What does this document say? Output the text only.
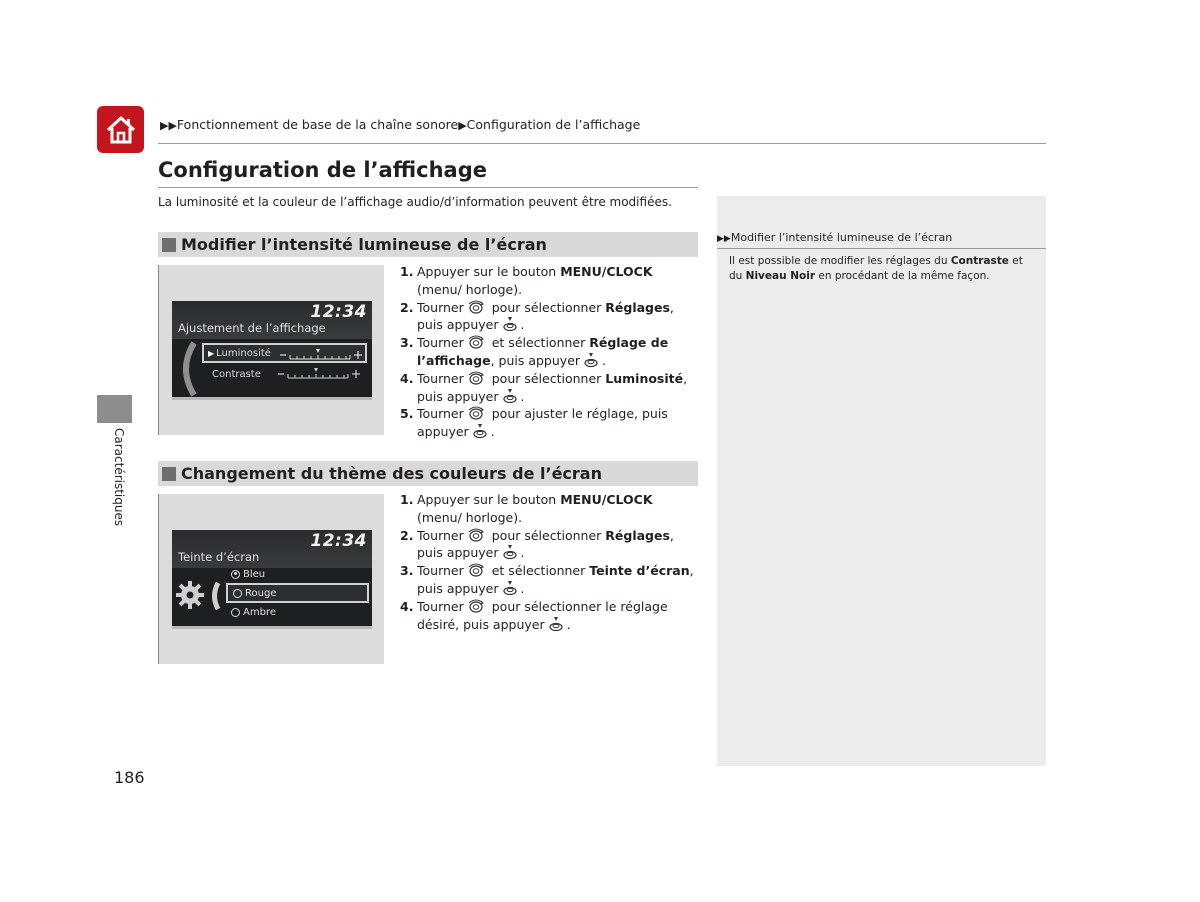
▶▶Fonctionnement de base de la chaîne sonore▶Configuration de l’affichage
Configuration de l’affichage
La luminosité et la couleur de l’affichage audio/d’information peuvent être modifiées.
Caractéristiques
186
Modifier l’intensité lumineuse de l’écran
12:34
Ajustement de l’affichage
▶ Luminosité
Contraste
1. Appuyer sur le bouton MENU/CLOCK (menu/ horloge).
2. Tourner pour sélectionner Réglages, puis appuyer .
3. Tourner et sélectionner Réglage de l’affichage, puis appuyer .
4. Tourner pour sélectionner Luminosité, puis appuyer .
5. Tourner pour ajuster le réglage, puis appuyer .
Changement du thème des couleurs de l’écran
12:34
Teinte d’écran
Bleu
Rouge
Ambre
1. Appuyer sur le bouton MENU/CLOCK (menu/ horloge).
2. Tourner pour sélectionner Réglages, puis appuyer .
3. Tourner et sélectionner Teinte d’écran, puis appuyer .
4. Tourner pour sélectionner le réglage désiré, puis appuyer .
▶▶Modifier l’intensité lumineuse de l’écran
Il est possible de modifier les réglages du Contraste et du Niveau Noir en procédant de la même façon.
